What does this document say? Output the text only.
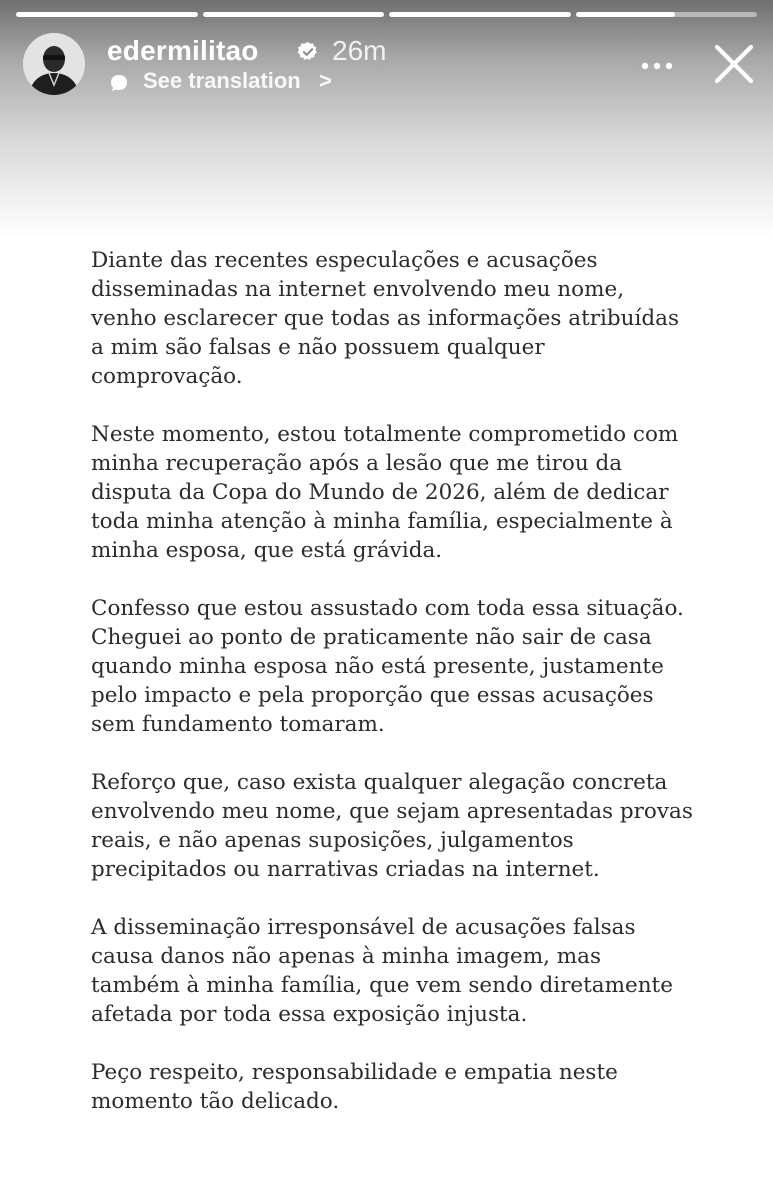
edermilitao	26m
See translation >
Diante das recentes especulações e acusações
disseminadas na internet envolvendo meu nome,
venho esclarecer que todas as informações atribuídas
a mim são falsas e não possuem qualquer
comprovação.
Neste momento, estou totalmente comprometido com
minha recuperação após a lesão que me tirou da
disputa da Copa do Mundo de 2026, além de dedicar
toda minha atenção à minha família, especialmente à
minha esposa, que está grávida.
Confesso que estou assustado com toda essa situação.
Cheguei ao ponto de praticamente não sair de casa
quando minha esposa não está presente, justamente
pelo impacto e pela proporção que essas acusações
sem fundamento tomaram.
Reforço que, caso exista qualquer alegação concreta
envolvendo meu nome, que sejam apresentadas provas
reais, e não apenas suposições, julgamentos
precipitados ou narrativas criadas na internet.
A disseminação irresponsável de acusações falsas
causa danos não apenas à minha imagem, mas
também à minha família, que vem sendo diretamente
afetada por toda essa exposição injusta.
Peço respeito, responsabilidade e empatia neste
momento tão delicado.
